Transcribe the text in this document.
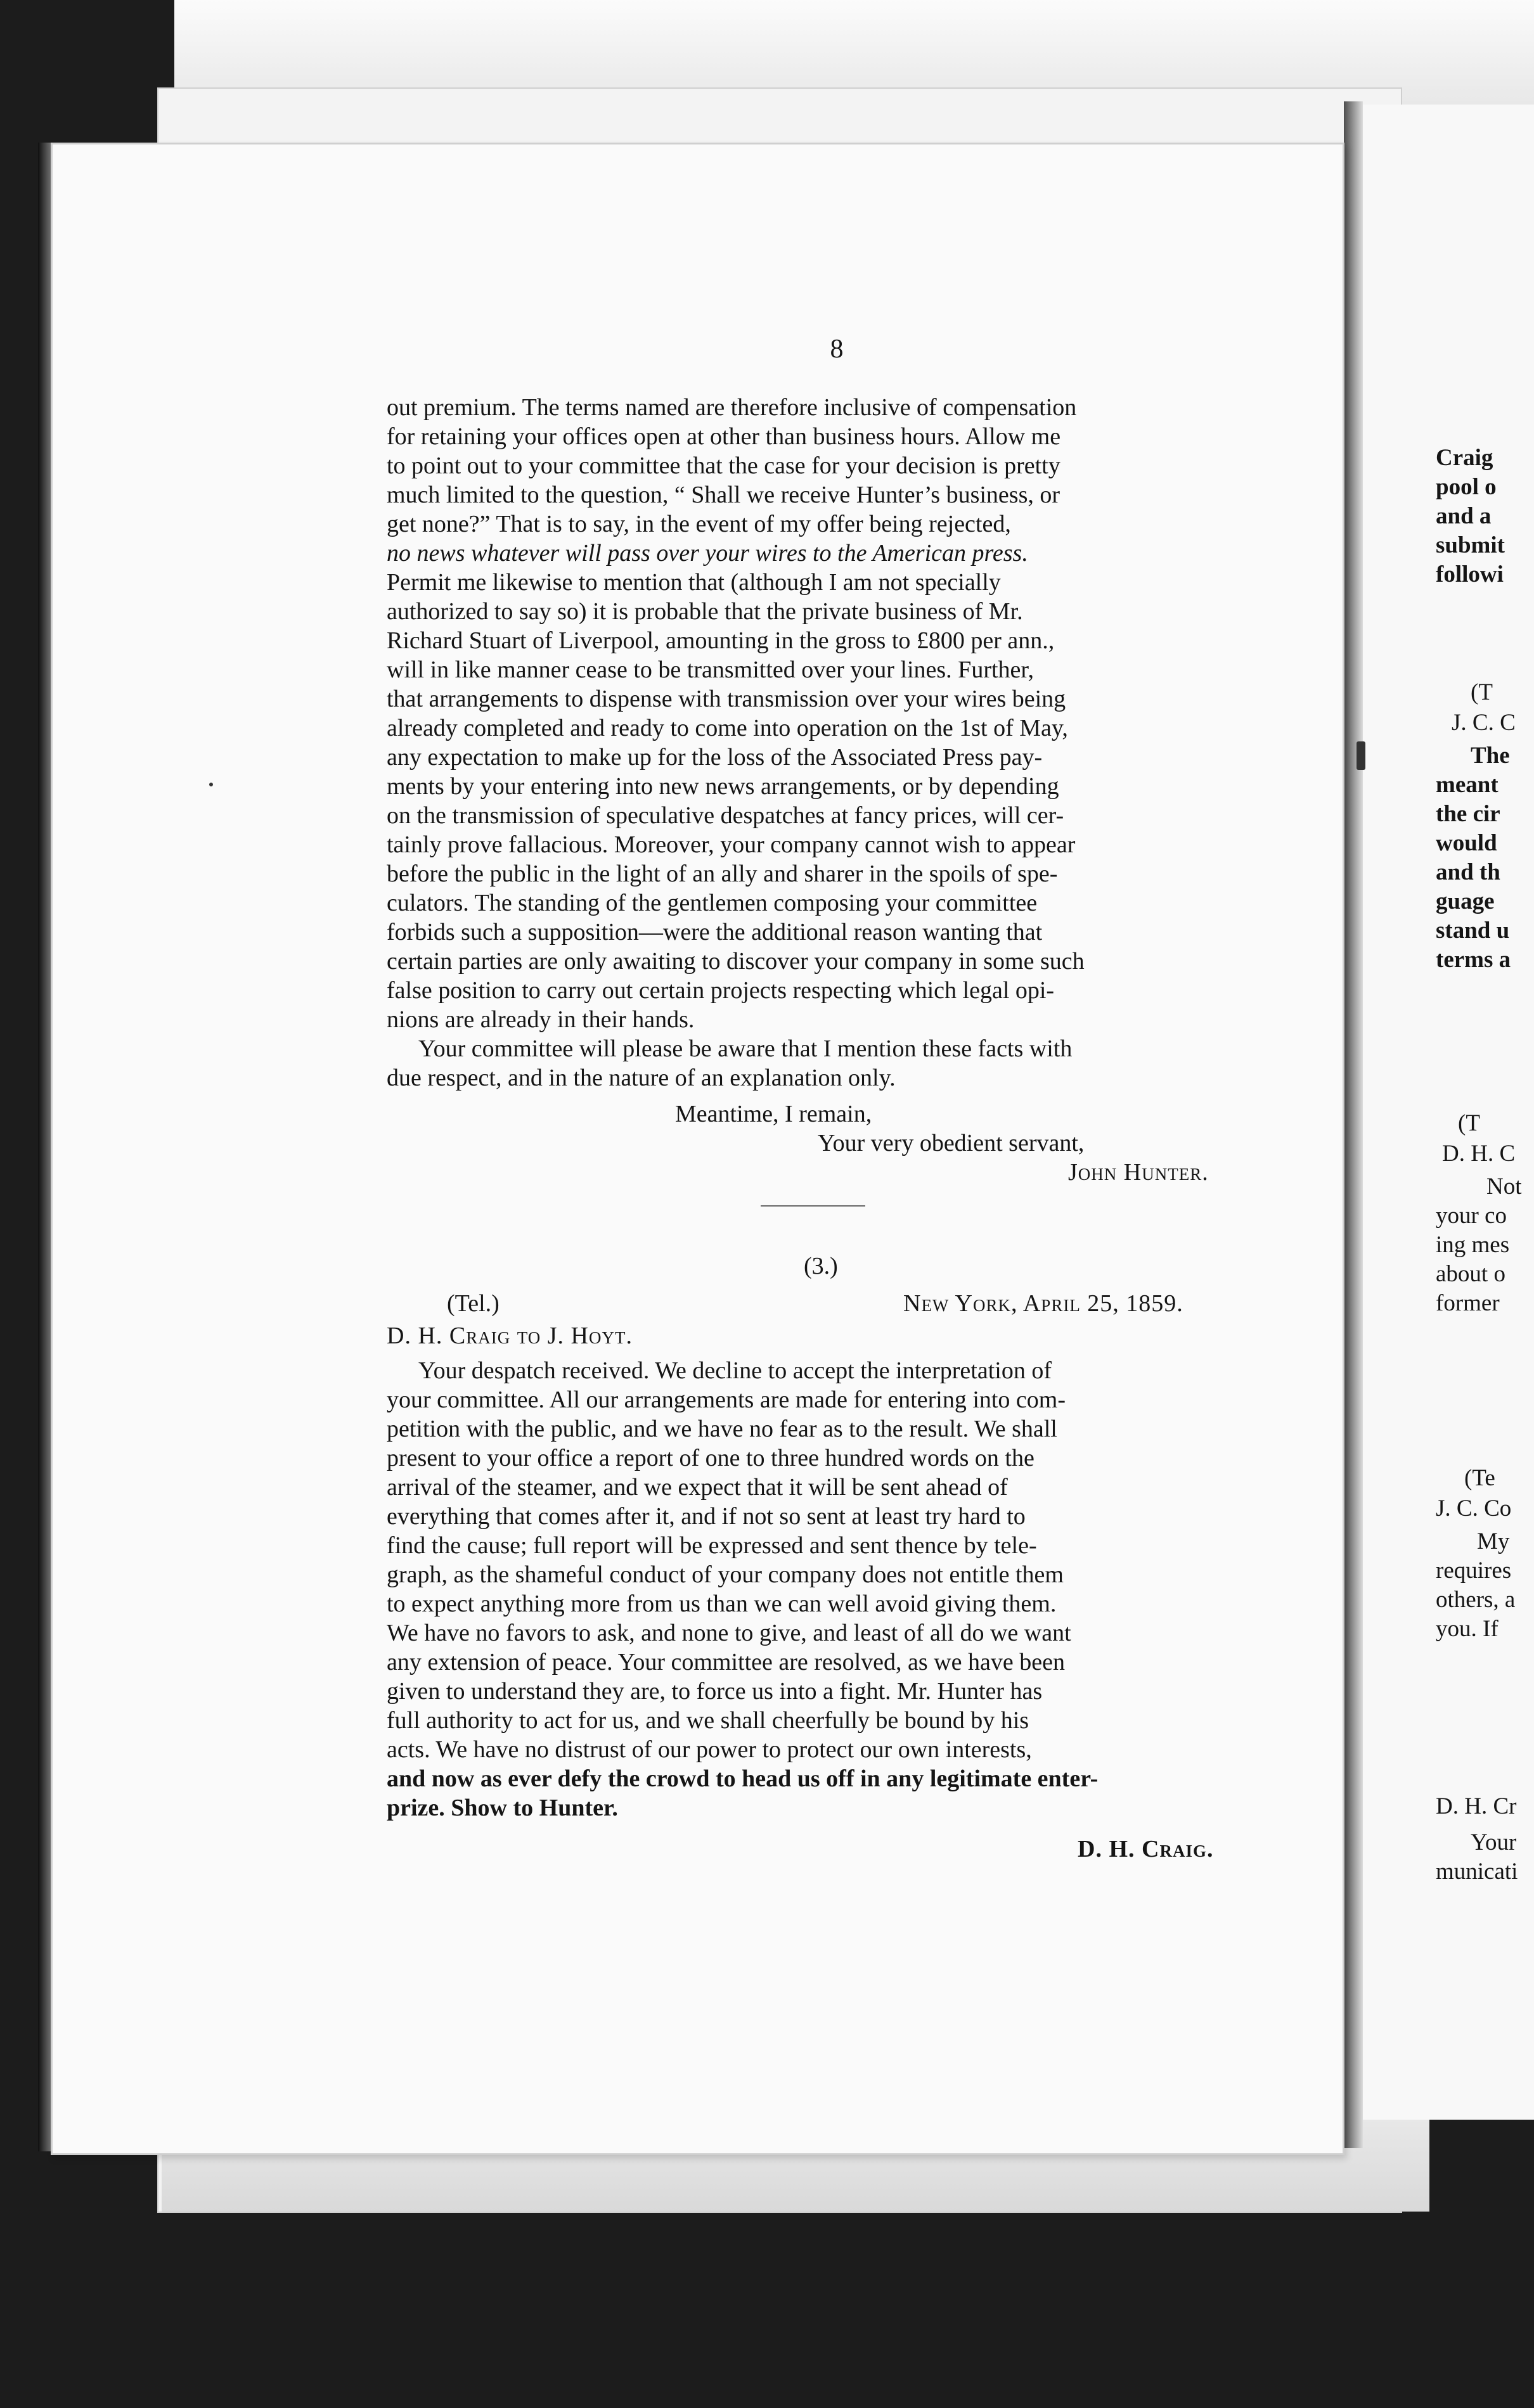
8
out premium. The terms named are therefore inclusive of compensation
for retaining your offices open at other than business hours. Allow me
to point out to your committee that the case for your decision is pretty
much limited to the question, “ Shall we receive Hunter’s business, or
get none?” That is to say, in the event of my offer being rejected,
no news whatever will pass over your wires to the American press.
Permit me likewise to mention that (although I am not specially
authorized to say so) it is probable that the private business of Mr.
Richard Stuart of Liverpool, amounting in the gross to £800 per ann.,
will in like manner cease to be transmitted over your lines. Further,
that arrangements to dispense with transmission over your wires being
already completed and ready to come into operation on the 1st of May,
any expectation to make up for the loss of the Associated Press pay-
ments by your entering into new news arrangements, or by depending
on the transmission of speculative despatches at fancy prices, will cer-
tainly prove fallacious. Moreover, your company cannot wish to appear
before the public in the light of an ally and sharer in the spoils of spe-
culators. The standing of the gentlemen composing your committee
forbids such a supposition—were the additional reason wanting that
certain parties are only awaiting to discover your company in some such
false position to carry out certain projects respecting which legal opi-
nions are already in their hands.
Your committee will please be aware that I mention these facts with
due respect, and in the nature of an explanation only.
Meantime, I remain,
Your very obedient servant,
John Hunter.
(3.)
(Tel.)	New York, April 25, 1859.
D. H. Craig to J. Hoyt.
Your despatch received. We decline to accept the interpretation of
your committee. All our arrangements are made for entering into com-
petition with the public, and we have no fear as to the result. We shall
present to your office a report of one to three hundred words on the
arrival of the steamer, and we expect that it will be sent ahead of
everything that comes after it, and if not so sent at least try hard to
find the cause; full report will be expressed and sent thence by tele-
graph, as the shameful conduct of your company does not entitle them
to expect anything more from us than we can well avoid giving them.
We have no favors to ask, and none to give, and least of all do we want
any extension of peace. Your committee are resolved, as we have been
given to understand they are, to force us into a fight. Mr. Hunter has
full authority to act for us, and we shall cheerfully be bound by his
acts. We have no distrust of our power to protect our own interests,
and now as ever defy the crowd to head us off in any legitimate enter-
prize. Show to Hunter.
D. H. Craig.
Craig
pool o
and a
submit
followi
(T
J. C. C
The
meant
the cir
would
and th
guage
stand u
terms a
(T
D. H. C
Not
your co
ing mes
about o
former
(Te
J. C. Co
My
requires
others, a
you. If
D. H. Cr
Your
municati
